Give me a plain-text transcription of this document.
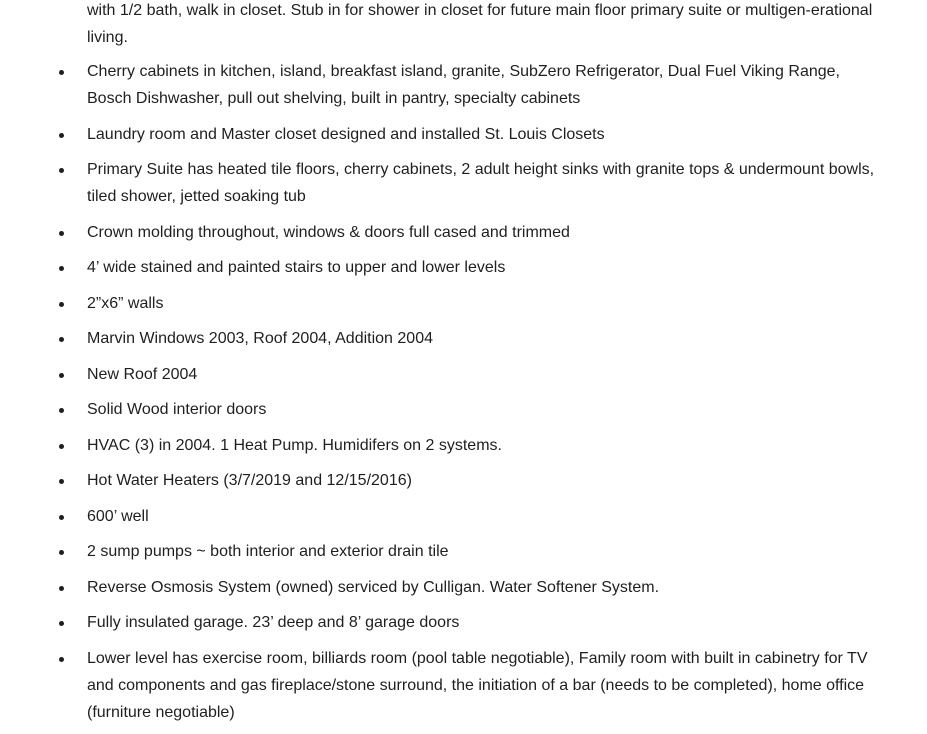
with 1/2 bath, walk in closet. Stub in for shower in closet for future main floor primary suite or multigen-erational living.

Cherry cabinets in kitchen, island, breakfast island, granite, SubZero Refrigerator, Dual Fuel Viking Range, Bosch Dishwasher, pull out shelving, built in pantry, specialty cabinets
Laundry room and Master closet designed and installed St. Louis Closets
Primary Suite has heated tile floors, cherry cabinets, 2 adult height sinks with granite tops & undermount bowls, tiled shower, jetted soaking tub
Crown molding throughout, windows & doors full cased and trimmed
4’ wide stained and painted stairs to upper and lower levels
2”x6” walls
Marvin Windows 2003, Roof 2004, Addition 2004
New Roof 2004
Solid Wood interior doors
HVAC (3) in 2004. 1 Heat Pump. Humidifers on 2 systems.
Hot Water Heaters (3/7/2019 and 12/15/2016)
600’ well
2 sump pumps ~ both interior and exterior drain tile
Reverse Osmosis System (owned) serviced by Culligan. Water Softener System.
Fully insulated garage. 23’ deep and 8’ garage doors
Lower level has exercise room, billiards room (pool table negotiable), Family room with built in cabinetry for TV and components and gas fireplace/stone surround, the initiation of a bar (needs to be completed), home office (furniture negotiable)
